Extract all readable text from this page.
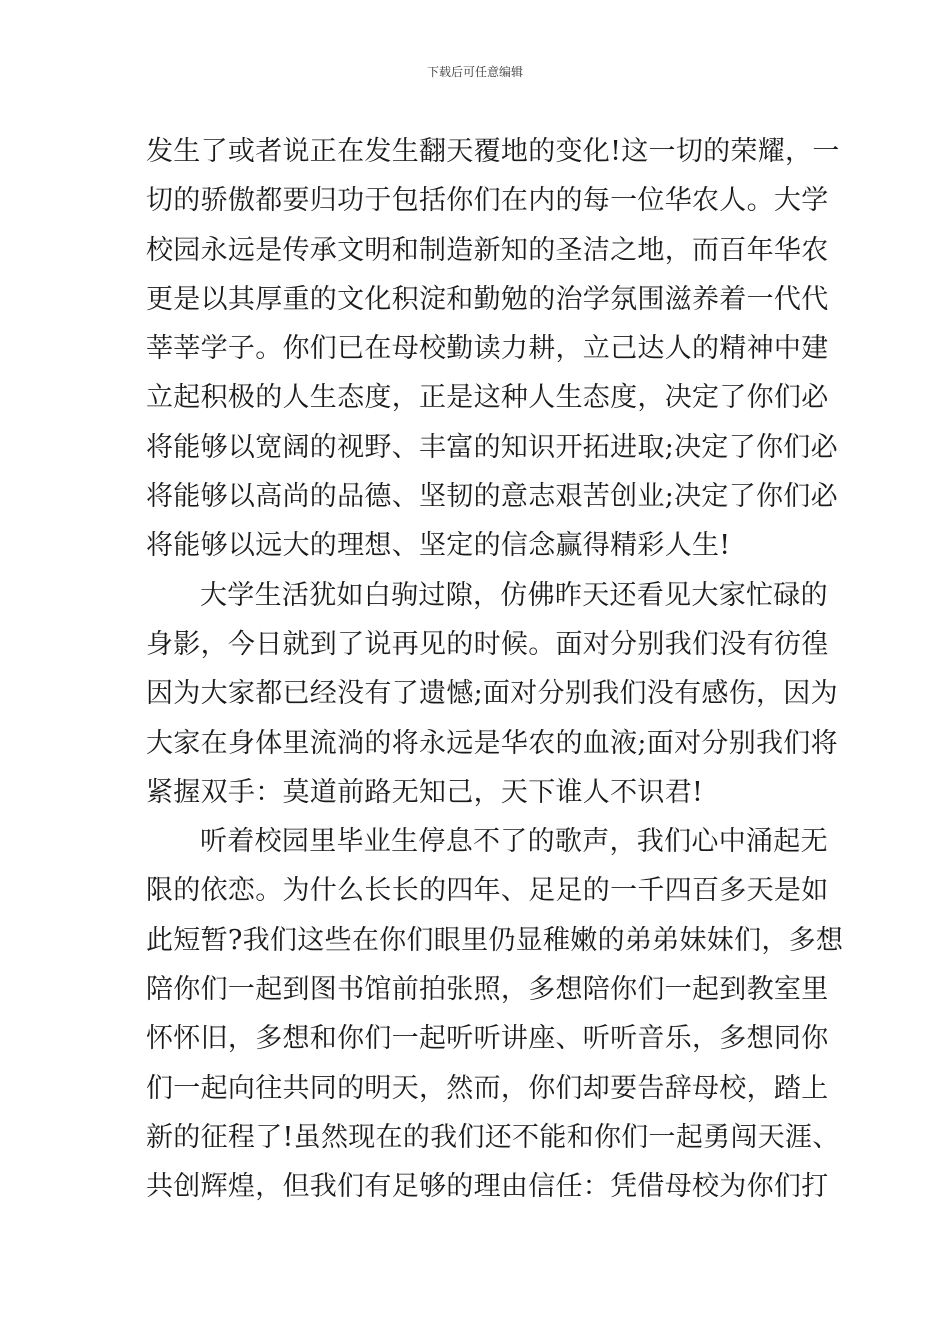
下载后可任意编辑
发生了或者说正在发生翻天覆地的变化!这一切的荣耀，一
切的骄傲都要归功于包括你们在内的每一位华农人。大学
校园永远是传承文明和制造新知的圣洁之地，而百年华农
更是以其厚重的文化积淀和勤勉的治学氛围滋养着一代代
莘莘学子。你们已在母校勤读力耕，立己达人的精神中建
立起积极的人生态度，正是这种人生态度，决定了你们必
将能够以宽阔的视野、丰富的知识开拓进取;决定了你们必
将能够以高尚的品德、坚韧的意志艰苦创业;决定了你们必
将能够以远大的理想、坚定的信念赢得精彩人生!
大学生活犹如白驹过隙，仿佛昨天还看见大家忙碌的
身影，今日就到了说再见的时候。面对分别我们没有彷徨
因为大家都已经没有了遗憾;面对分别我们没有感伤，因为
大家在身体里流淌的将永远是华农的血液;面对分别我们将
紧握双手：莫道前路无知己，天下谁人不识君!
听着校园里毕业生停息不了的歌声，我们心中涌起无
限的依恋。为什么长长的四年、足足的一千四百多天是如
此短暂?我们这些在你们眼里仍显稚嫩的弟弟妹妹们，多想
陪你们一起到图书馆前拍张照，多想陪你们一起到教室里
怀怀旧，多想和你们一起听听讲座、听听音乐，多想同你
们一起向往共同的明天，然而，你们却要告辞母校，踏上
新的征程了!虽然现在的我们还不能和你们一起勇闯天涯、
共创辉煌，但我们有足够的理由信任：凭借母校为你们打
